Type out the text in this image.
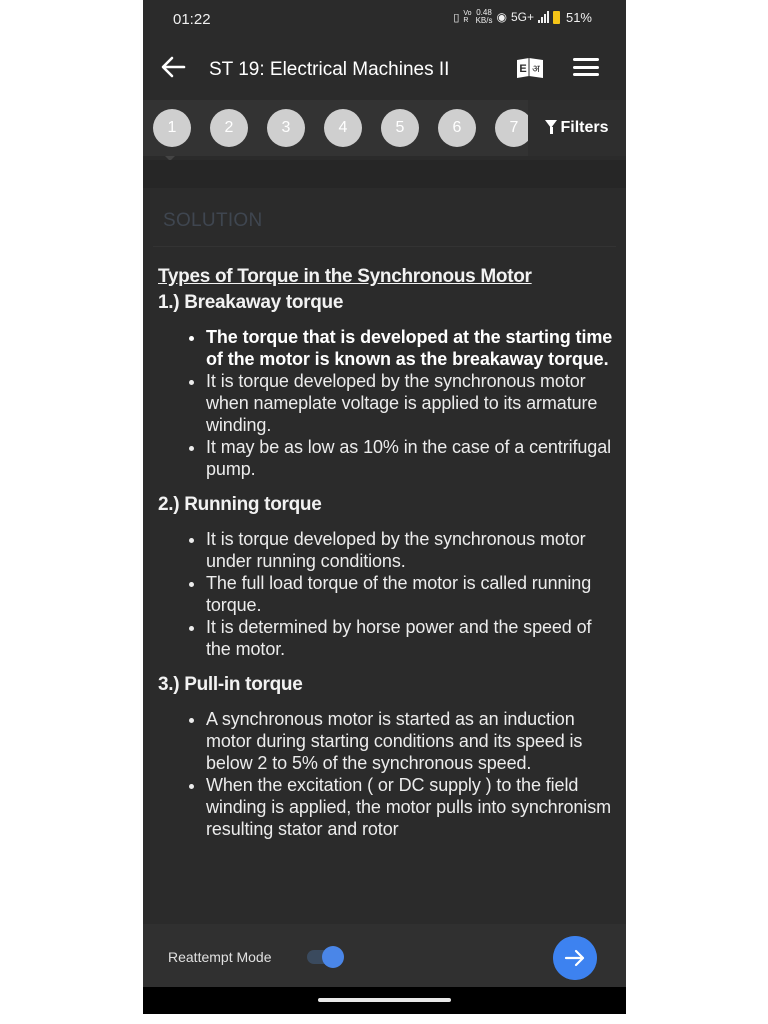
01:22	▯ Vo
R
0.48
KB/s ◉ 5G+ 51%
ST 19: Electrical Machines II	E अ
1	2	3	4	5	6	7	Filters
SOLUTION
Types of Torque in the Synchronous Motor
1.) Breakaway torque
• The torque that is developed at the starting time of the motor is known as the breakaway torque.
• It is torque developed by the synchronous motor when nameplate voltage is applied to its armature winding.
• It may be as low as 10% in the case of a centrifugal pump.
2.) Running torque
• It is torque developed by the synchronous motor under running conditions.
• The full load torque of the motor is called running torque.
• It is determined by horse power and the speed of the motor.
3.) Pull-in torque
• A synchronous motor is started as an induction motor during starting conditions and its speed is below 2 to 5% of the synchronous speed.
• When the excitation ( or DC supply ) to the field winding is applied, the motor pulls into synchronism resulting stator and rotor
Reattempt Mode
